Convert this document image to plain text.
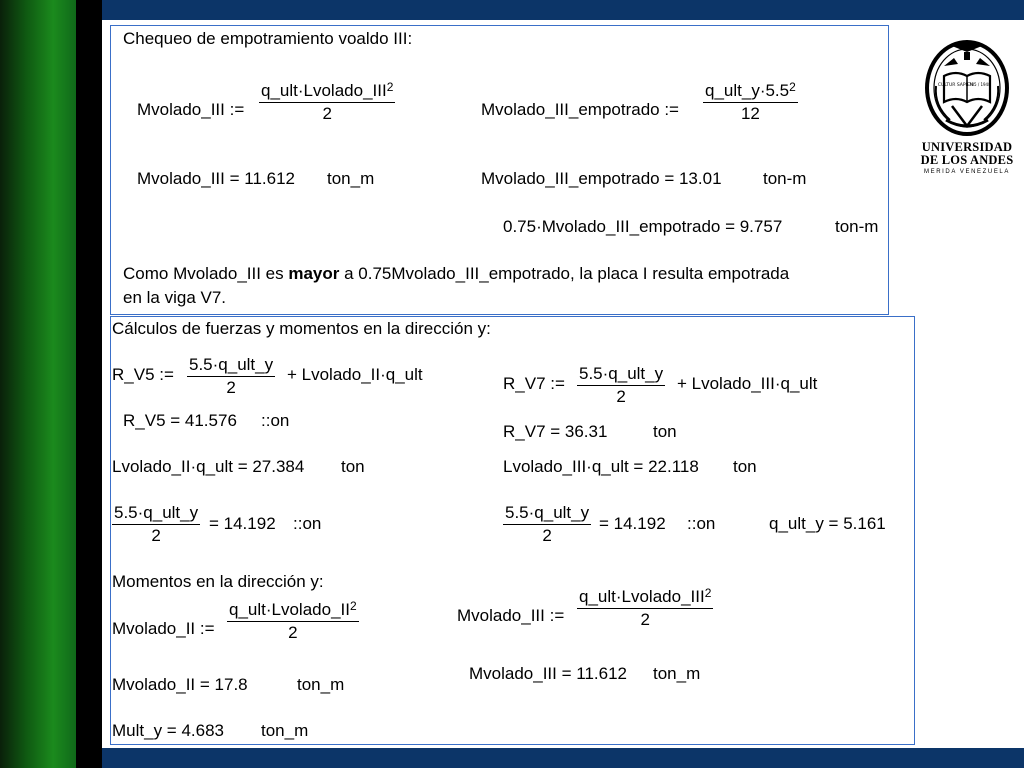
Chequeo de empotramiento voaldo III:
Mvolado_III :=
$q\_ult\cdot Lvolado\_III^2$
2	Mvolado_III_empotrado :=
$q\_ult\_y\cdot 5.5^2$
12
Mvolado_III = 11.612 ton_m	Mvolado_III_empotrado = 13.01 ton-m
0.75·Mvolado_III_empotrado = 9.757	ton-m
Como Mvolado_III es mayor a 0.75Mvolado_III_empotrado, la placa I resulta empotrada
en la viga V7.
Cálculos de fuerzas y momentos en la dirección y:
R_V5 :=
5.5·q_ult_y
2
+ Lvolado_II·q_ult	R_V7 :=
5.5·q_ult_y
2
+ Lvolado_III·q_ult
R_V5 = 41.576 ::on
R_V7 = 36.31	ton
Lvolado_II·q_ult = 27.384 ton	Lvolado_III·q_ult = 22.118 ton
5.5·q_ult_y
2
= 14.192 ::on
5.5·q_ult_y
2
= 14.192 ::on	q_ult_y = 5.161
Momentos en la dirección y:
Mvolado_II :=
$q\_ult\cdot Lvolado\_II^2$
2
Mvolado_III :=
$q\_ult\cdot Lvolado\_III^2$
2
Mvolado_III = 11.612 ton_m
Mvolado_II = 17.8	ton_m
Mult_y = 4.683 ton_m
CULTUR SAPIEN
1785 / 1948
UNIVERSIDAD
DE LOS ANDES
MERIDA VENEZUELA
